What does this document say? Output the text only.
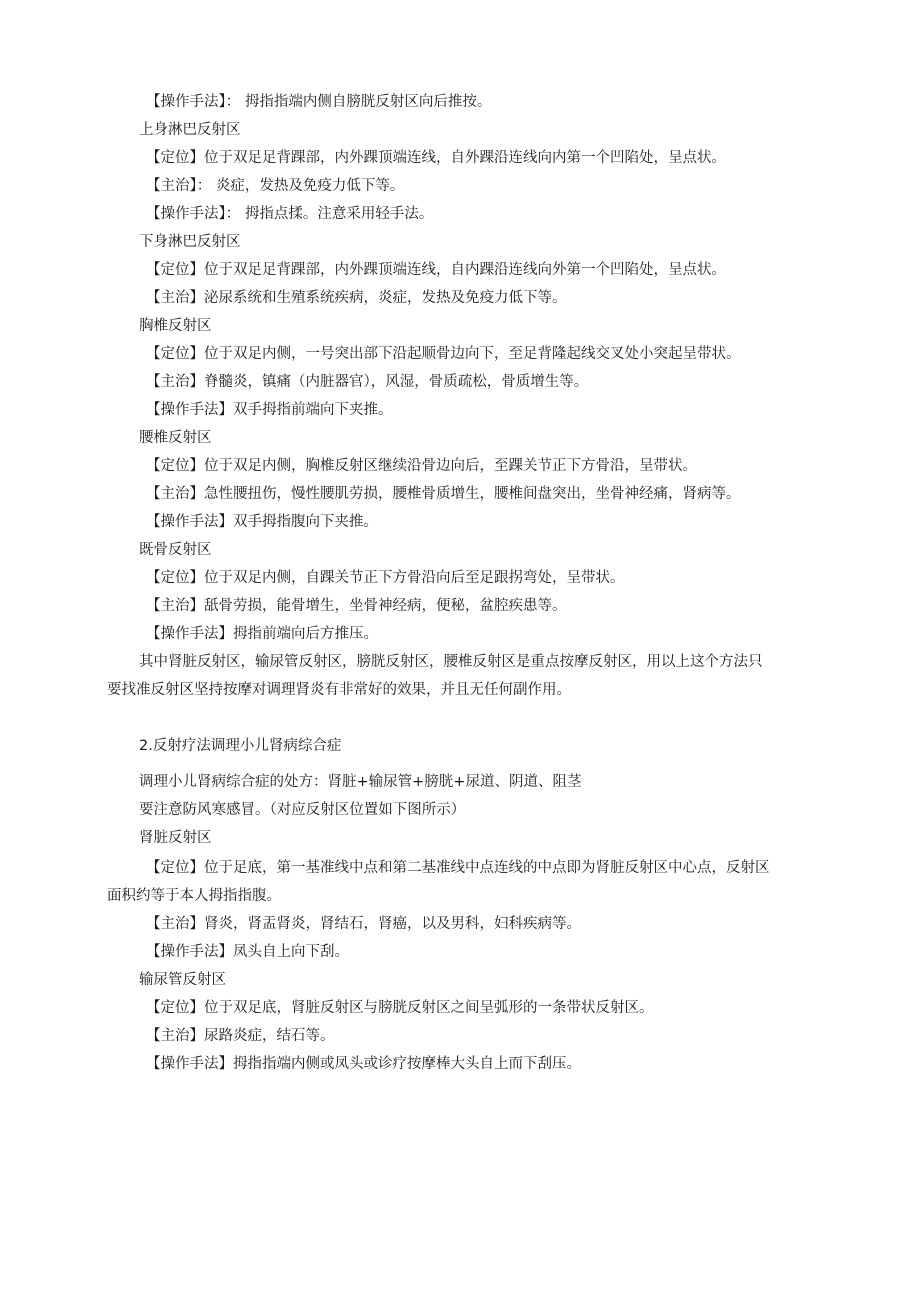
【操作手法】： 拇指指端内侧自膀胱反射区向后推按。
上身淋巴反射区
【定位】位于双足足背踝部，内外踝顶端连线，自外踝沿连线向内第一个凹陷处，呈点状。
【主治】： 炎症，发热及免疫力低下等。
【操作手法】： 拇指点揉。注意采用轻手法。
下身淋巴反射区
【定位】位于双足足背踝部，内外踝顶端连线，自内踝沿连线向外第一个凹陷处，呈点状。
【主治】泌尿系统和生殖系统疾病，炎症，发热及免疫力低下等。
胸椎反射区
【定位】位于双足内侧，一号突出部下沿起顺骨边向下，至足背隆起线交叉处小突起呈带状。
【主治】脊髓炎，镇痛（内脏器官），风湿，骨质疏松，骨质增生等。
【操作手法】双手拇指前端向下夹推。
腰椎反射区
【定位】位于双足内侧，胸椎反射区继续沿骨边向后，至踝关节正下方骨沿，呈带状。
【主治】急性腰扭伤，慢性腰肌劳损，腰椎骨质增生，腰椎间盘突出，坐骨神经痛，肾病等。
【操作手法】双手拇指腹向下夹推。
既骨反射区
【定位】位于双足内侧，自踝关节正下方骨沿向后至足跟拐弯处，呈带状。
【主治】舐骨劳损，能骨增生，坐骨神经病，便秘，盆腔疾患等。
【操作手法】拇指前端向后方推压。
其中肾脏反射区，输尿管反射区，膀胱反射区，腰椎反射区是重点按摩反射区，用以上这个方法只
要找准反射区坚持按摩对调理肾炎有非常好的效果，并且无任何副作用。
2.反射疗法调理小儿肾病综合症
调理小儿肾病综合症的处方：肾脏+输尿管+膀胱+尿道、阴道、阻茎
要注意防风寒感冒。（对应反射区位置如下图所示）
肾脏反射区
【定位】位于足底，第一基准线中点和第二基准线中点连线的中点即为肾脏反射区中心点，反射区
面积约等于本人拇指指腹。
【主治】肾炎，肾盂肾炎，肾结石，肾癌，以及男科，妇科疾病等。
【操作手法】凤头自上向下刮。
输尿管反射区
【定位】位于双足底，肾脏反射区与膀胱反射区之间呈弧形的一条带状反射区。
【主治】尿路炎症，结石等。
【操作手法】拇指指端内侧或凤头或诊疗按摩棒大头自上而下刮压。
